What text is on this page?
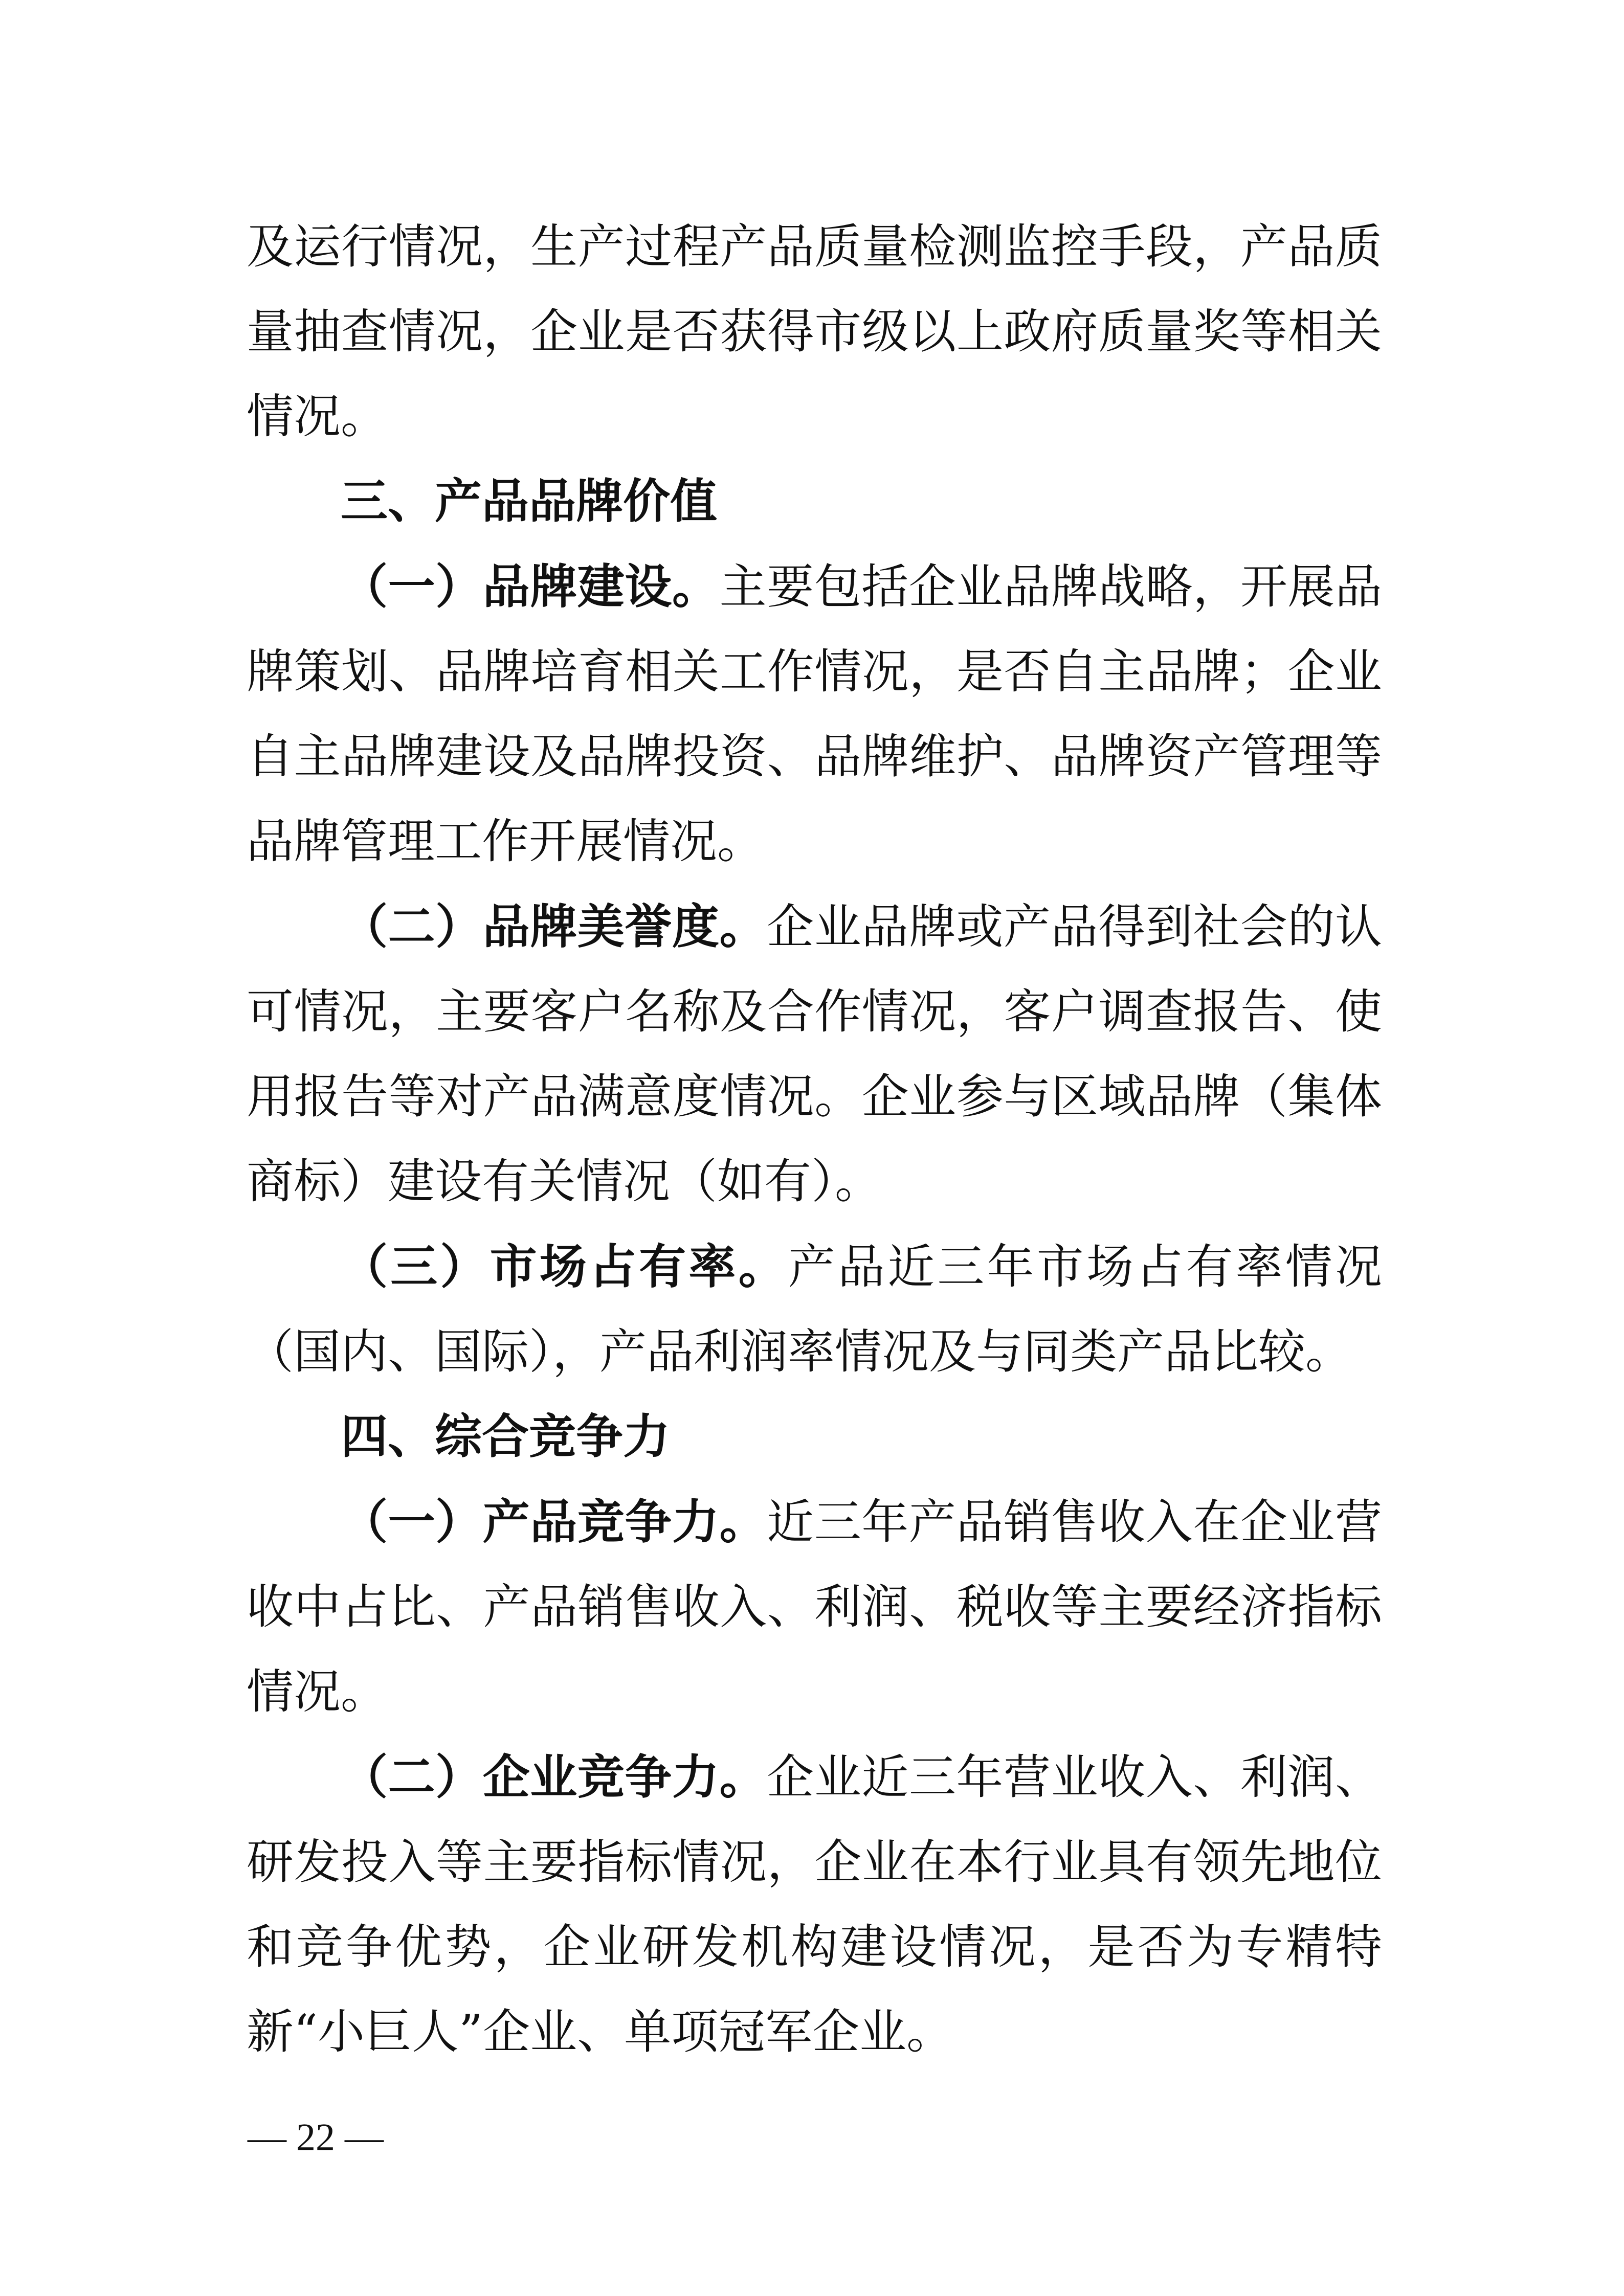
及运行情况，生产过程产品质量检测监控手段，产品质量抽查情况，企业是否获得市级以上政府质量奖等相关情况。

三、产品品牌价值

（一）品牌建设。主要包括企业品牌战略，开展品牌策划、品牌培育相关工作情况，是否自主品牌；企业自主品牌建设及品牌投资、品牌维护、品牌资产管理等品牌管理工作开展情况。

（二）品牌美誉度。企业品牌或产品得到社会的认可情况，主要客户名称及合作情况，客户调查报告、使用报告等对产品满意度情况。企业参与区域品牌（集体商标）建设有关情况（如有）。

（三）市场占有率。产品近三年市场占有率情况（国内、国际），产品利润率情况及与同类产品比较。

四、综合竞争力

（一）产品竞争力。近三年产品销售收入在企业营收中占比、产品销售收入、利润、税收等主要经济指标情况。

（二）企业竞争力。企业近三年营业收入、利润、研发投入等主要指标情况，企业在本行业具有领先地位和竞争优势，企业研发机构建设情况，是否为专精特新“小巨人”企业、单项冠军企业。

— 22 —
